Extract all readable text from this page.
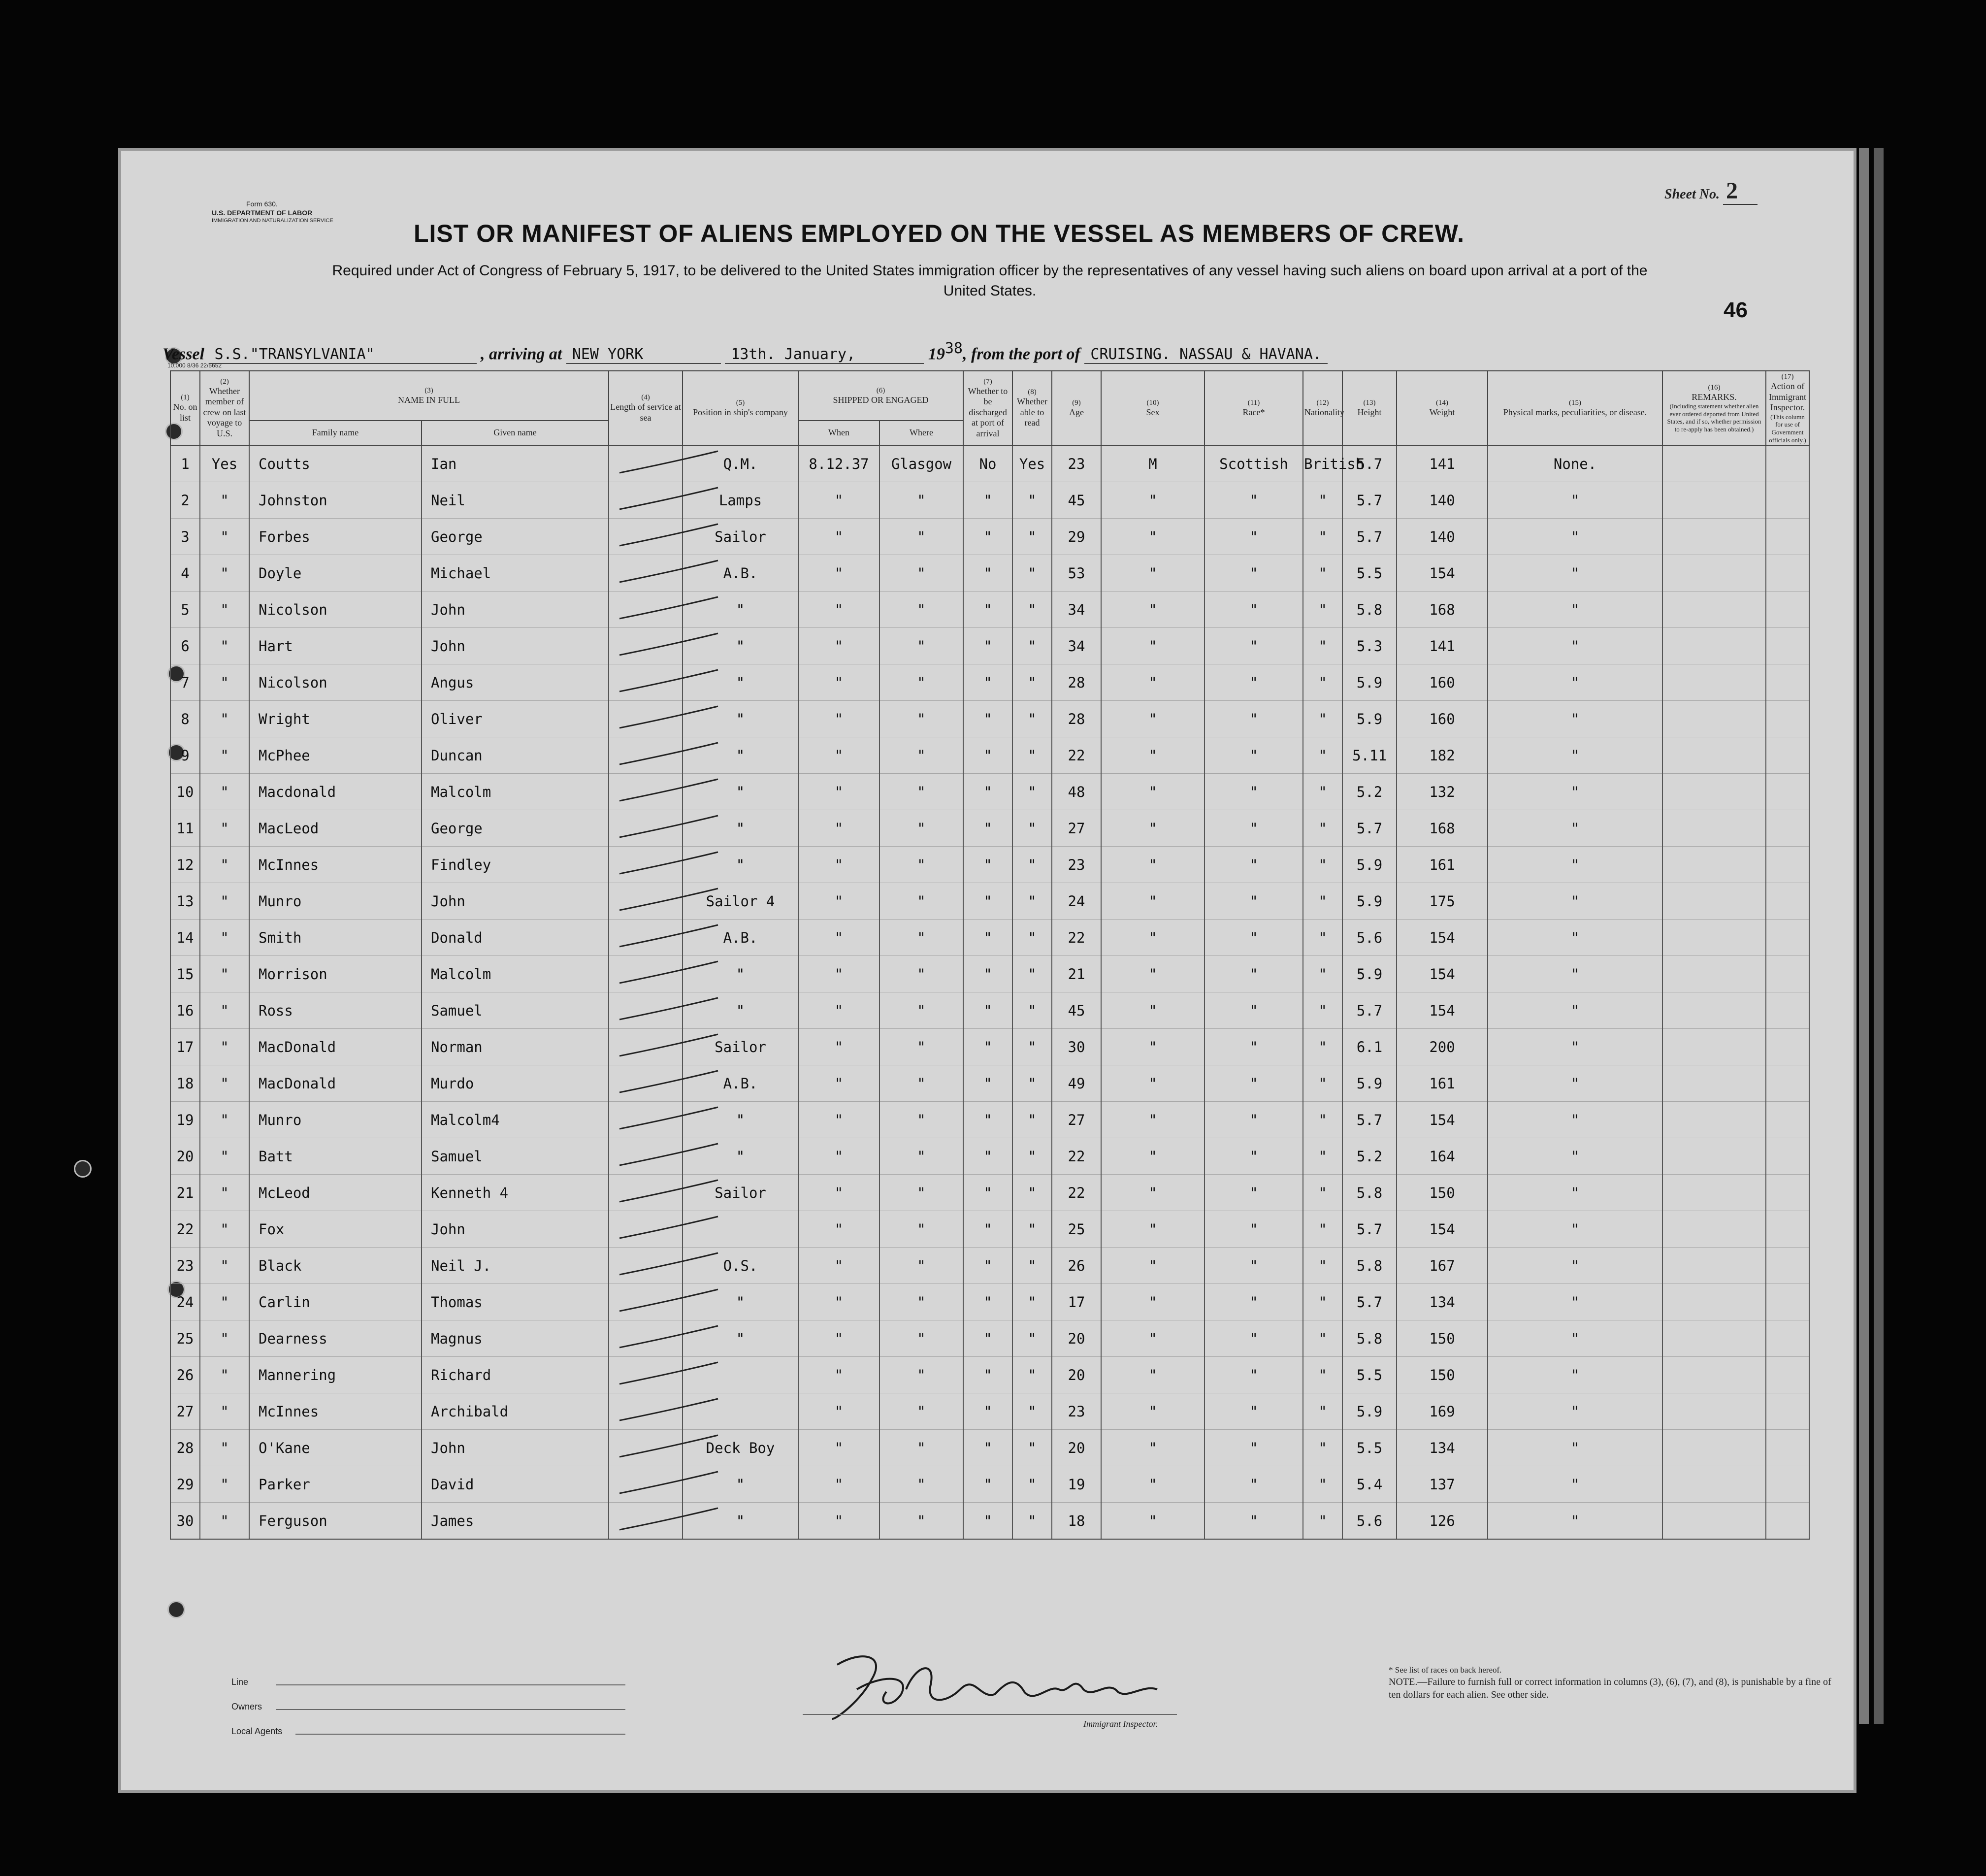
Form 630.
U.S. DEPARTMENT OF LABOR
IMMIGRATION AND NATURALIZATION SERVICE
10,000 8/36 22/5652
Sheet No. 2
LIST OR MANIFEST OF ALIENS EMPLOYED ON THE VESSEL AS MEMBERS OF CREW.
Required under Act of Congress of February 5, 1917, to be delivered to the United States immigration officer by the representatives of any vessel having such aliens on board upon arrival at a port of the United States.
46
Vessel S.S."TRANSYLVANIA"	, arriving at NEW YORK	13th. January,	$19^{38}$, from the port of CRUISING. NASSAU & HAVANA.
(1)
No. on list	(2)
Whether member of crew on last voyage to U.S.	(3)
NAME IN FULL		(4)
Length of service at sea	(5)
Position in ship's company	(6)
SHIPPED OR ENGAGED		(7)
Whether to be discharged at port of arrival	(8)
Whether able to read	(9)
Age	(10)
Sex	(11)
Race*	(12)
Nationality	(13)
Height	(14)
Weight	(15)
Physical marks, peculiarities, or disease.	(16)
REMARKS.
(Including statement whether alien ever ordered deported from United States, and if so, whether permission to re-apply has been obtained.)	(17)
Action of Immigrant Inspector.
(This column for use of Government officials only.)

		Family name	Given name			When	Where											
1	Yes	Coutts	Ian		Q.M.	8.12.37	Glasgow	No	Yes	23	M	Scottish	British	5.7	141	None.		
2	"	Johnston	Neil		Lamps	"	"	"	"	45	"	"	"	5.7	140	"		
3	"	Forbes	George		Sailor	"	"	"	"	29	"	"	"	5.7	140	"		
4	"	Doyle	Michael		A.B.	"	"	"	"	53	"	"	"	5.5	154	"		
5	"	Nicolson	John		"	"	"	"	"	34	"	"	"	5.8	168	"		
6	"	Hart	John		"	"	"	"	"	34	"	"	"	5.3	141	"		
7	"	Nicolson	Angus		"	"	"	"	"	28	"	"	"	5.9	160	"		
8	"	Wright	Oliver		"	"	"	"	"	28	"	"	"	5.9	160	"		
9	"	McPhee	Duncan		"	"	"	"	"	22	"	"	"	5.11	182	"		
10	"	Macdonald	Malcolm		"	"	"	"	"	48	"	"	"	5.2	132	"		
11	"	MacLeod	George		"	"	"	"	"	27	"	"	"	5.7	168	"		
12	"	McInnes	Findley		"	"	"	"	"	23	"	"	"	5.9	161	"		
13	"	Munro	John		Sailor 4	"	"	"	"	24	"	"	"	5.9	175	"		
14	"	Smith	Donald		A.B.	"	"	"	"	22	"	"	"	5.6	154	"		
15	"	Morrison	Malcolm		"	"	"	"	"	21	"	"	"	5.9	154	"		
16	"	Ross	Samuel		"	"	"	"	"	45	"	"	"	5.7	154	"		
17	"	MacDonald	Norman		Sailor	"	"	"	"	30	"	"	"	6.1	200	"		
18	"	MacDonald	Murdo		A.B.	"	"	"	"	49	"	"	"	5.9	161	"		
19	"	Munro	Malcolm4		"	"	"	"	"	27	"	"	"	5.7	154	"		
20	"	Batt	Samuel		"	"	"	"	"	22	"	"	"	5.2	164	"		
21	"	McLeod	Kenneth 4		Sailor	"	"	"	"	22	"	"	"	5.8	150	"		
22	"	Fox	John			"	"	"	"	25	"	"	"	5.7	154	"		
23	"	Black	Neil J.		O.S.	"	"	"	"	26	"	"	"	5.8	167	"		
24	"	Carlin	Thomas		"	"	"	"	"	17	"	"	"	5.7	134	"		
25	"	Dearness	Magnus		"	"	"	"	"	20	"	"	"	5.8	150	"		
26	"	Mannering	Richard			"	"	"	"	20	"	"	"	5.5	150	"		
27	"	McInnes	Archibald			"	"	"	"	23	"	"	"	5.9	169	"		
28	"	O'Kane	John		Deck Boy	"	"	"	"	20	"	"	"	5.5	134	"		
29	"	Parker	David		"	"	"	"	"	19	"	"	"	5.4	137	"		
30	"	Ferguson	James		"	"	"	"	"	18	"	"	"	5.6	126	"		
Line
Owners
Local Agents
Immigrant Inspector.
* See list of races on back hereof.
NOTE.—Failure to furnish full or correct information in columns (3), (6), (7), and (8), is punishable by a fine of ten dollars for each alien. See other side.
